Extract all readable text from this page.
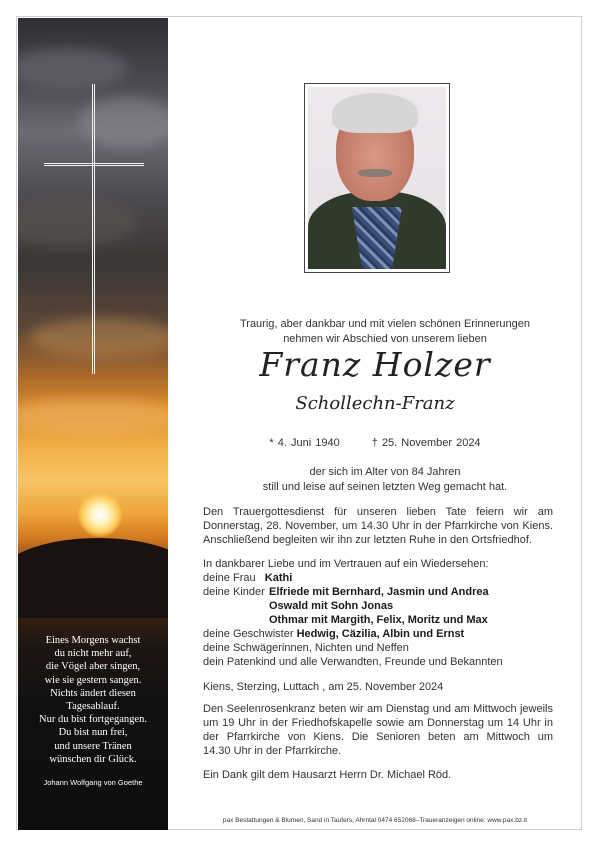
Eines Morgens wachst
du nicht mehr auf,
die Vögel aber singen,
wie sie gestern sangen.
Nichts ändert diesen
Tagesablauf.
Nur du bist fortgegangen.
Du bist nun frei,
und unsere Tränen
wünschen dir Glück.
Johann Wolfgang von Goethe
Traurig, aber dankbar und mit vielen schönen Erinnerungen
nehmen wir Abschied von unserem lieben
Franz Holzer
Schollechn-Franz
* 4. Juni 1940	† 25. November 2024
der sich im Alter von 84 Jahren
still und leise auf seinen letzten Weg gemacht hat.
Den Trauergottesdienst für unseren lieben Tate feiern wir am
Donnerstag, 28. November, um 14.30 Uhr in der Pfarrkirche von Kiens.
Anschließend begleiten wir ihn zur letzten Ruhe in den Ortsfriedhof.
In dankbarer Liebe und im Vertrauen auf ein Wiedersehen:
deine Frau Kathi
deine Kinder Elfriede mit Bernhard, Jasmin und Andrea
Oswald mit Sohn Jonas
Othmar mit Margith, Felix, Moritz und Max
deine Geschwister Hedwig, Cäzilia, Albin und Ernst
deine Schwägerinnen, Nichten und Neffen
dein Patenkind und alle Verwandten, Freunde und Bekannten
Kiens, Sterzing, Luttach , am 25. November 2024
Den Seelenrosenkranz beten wir am Dienstag und am Mittwoch jeweils
um 19 Uhr in der Friedhofskapelle sowie am Donnerstag um 14 Uhr in
der Pfarrkirche von Kiens. Die Senioren beten am Mittwoch um
14.30 Uhr in der Pfarrkirche.
Ein Dank gilt dem Hausarzt Herrn Dr. Michael Röd.
pax Bestattungen & Blumen, Sand in Taufers, Ahrntal 0474 652068–Traueranzeigen online: www.pax.bz.it
